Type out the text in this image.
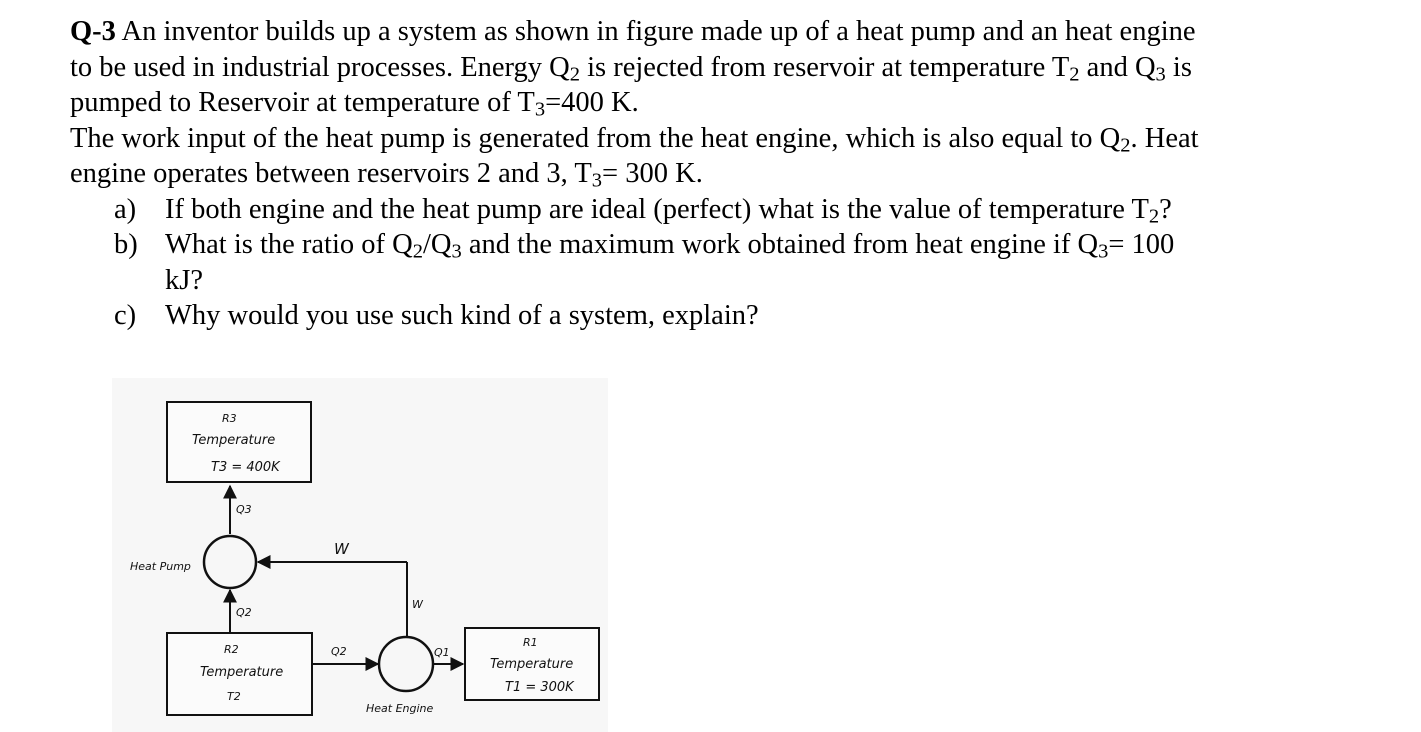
Q-3 An inventor builds up a system as shown in figure made up of a heat pump and an heat engine

to be used in industrial processes. Energy $Q_2$ is rejected from reservoir at temperature $T_2$ and $Q_3$ is

pumped to Reservoir at temperature of $T_3=400$ K.

The work input of the heat pump is generated from the heat engine, which is also equal to $Q_2$. Heat

engine operates between reservoirs 2 and 3, $T_3= 300$ K.

a) If both engine and the heat pump are ideal (perfect) what is the value of temperature $T_2$?
b) What is the ratio of $Q_2/Q_3$ and the maximum work obtained from heat engine if $Q_3= 100$
kJ?
c) Why would you use such kind of a system, explain?
R3
Temperature
T3 = 400K
Q3
Heat Pump
Q2
W
W
R2
Temperature
T2
Q2
Heat Engine
Q1
R1
Temperature
T1 = 300K
